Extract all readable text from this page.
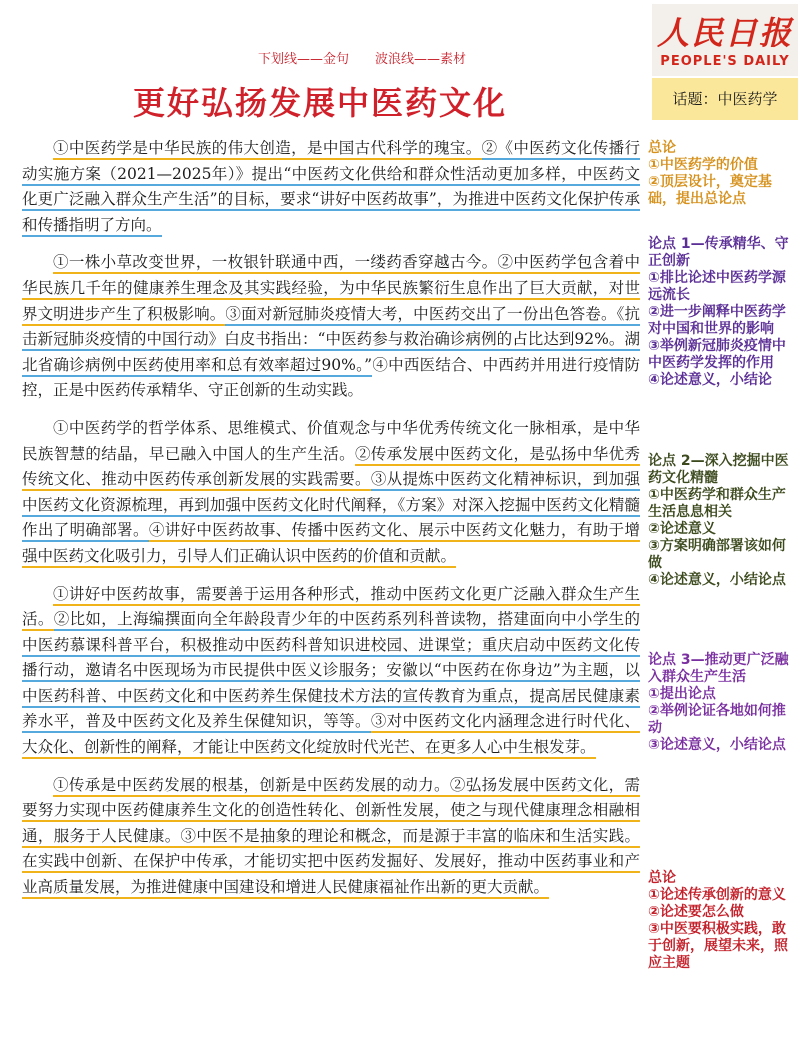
下划线——金句 波浪线——素材
更好弘扬发展中医药文化
人民日报
PEOPLE'S DAILY
话题：中医药学

①中医药学是中华民族的伟大创造，是中国古代科学的瑰宝。②《中医药文化传播行动实施方案（2021—2025年）》提出“中医药文化供给和群众性活动更加多样，中医药文化更广泛融入群众生产生活”的目标，要求“讲好中医药故事”，为推进中医药文化保护传承和传播指明了方向。

①一株小草改变世界，一枚银针联通中西，一缕药香穿越古今。②中医药学包含着中华民族几千年的健康养生理念及其实践经验，为中华民族繁衍生息作出了巨大贡献，对世界文明进步产生了积极影响。③面对新冠肺炎疫情大考，中医药交出了一份出色答卷。《抗击新冠肺炎疫情的中国行动》白皮书指出：“中医药参与救治确诊病例的占比达到92%。湖北省确诊病例中医药使用率和总有效率超过90%。”④中西医结合、中西药并用进行疫情防控，正是中医药传承精华、守正创新的生动实践。

①中医药学的哲学体系、思维模式、价值观念与中华优秀传统文化一脉相承，是中华民族智慧的结晶，早已融入中国人的生产生活。②传承发展中医药文化，是弘扬中华优秀传统文化、推动中医药传承创新发展的实践需要。③从提炼中医药文化精神标识，到加强中医药文化资源梳理，再到加强中医药文化时代阐释，《方案》对深入挖掘中医药文化精髓作出了明确部署。④讲好中医药故事、传播中医药文化、展示中医药文化魅力，有助于增强中医药文化吸引力，引导人们正确认识中医药的价值和贡献。

①讲好中医药故事，需要善于运用各种形式，推动中医药文化更广泛融入群众生产生活。②比如，上海编撰面向全年龄段青少年的中医药系列科普读物，搭建面向中小学生的中医药慕课科普平台，积极推动中医药科普知识进校园、进课堂；重庆启动中医药文化传播行动，邀请名中医现场为市民提供中医义诊服务；安徽以“中医药在你身边”为主题，以中医药科普、中医药文化和中医药养生保健技术方法的宣传教育为重点，提高居民健康素养水平，普及中医药文化及养生保健知识，等等。③对中医药文化内涵理念进行时代化、大众化、创新性的阐释，才能让中医药文化绽放时代光芒、在更多人心中生根发芽。

①传承是中医药发展的根基，创新是中医药发展的动力。②弘扬发展中医药文化，需要努力实现中医药健康养生文化的创造性转化、创新性发展，使之与现代健康理念相融相通，服务于人民健康。③中医不是抽象的理论和概念，而是源于丰富的临床和生活实践。在实践中创新、在保护中传承，才能切实把中医药发掘好、发展好，推动中医药事业和产业高质量发展，为推进健康中国建设和增进人民健康福祉作出新的更大贡献。

总论
①中医药学的价值
②顶层设计，奠定基础，提出总论点
论点 1—传承精华、守正创新
①排比论述中医药学源远流长
②进一步阐释中医药学对中国和世界的影响
③举例新冠肺炎疫情中中医药学发挥的作用
④论述意义，小结论
论点 2—深入挖掘中医药文化精髓
①中医药学和群众生产生活息息相关
②论述意义
③方案明确部署该如何做
④论述意义，小结论点
论点 3—推动更广泛融入群众生产生活
①提出论点
②举例论证各地如何推动
③论述意义，小结论点
总论
①论述传承创新的意义
②论述要怎么做
③中医要积极实践，敢于创新，展望未来，照应主题
